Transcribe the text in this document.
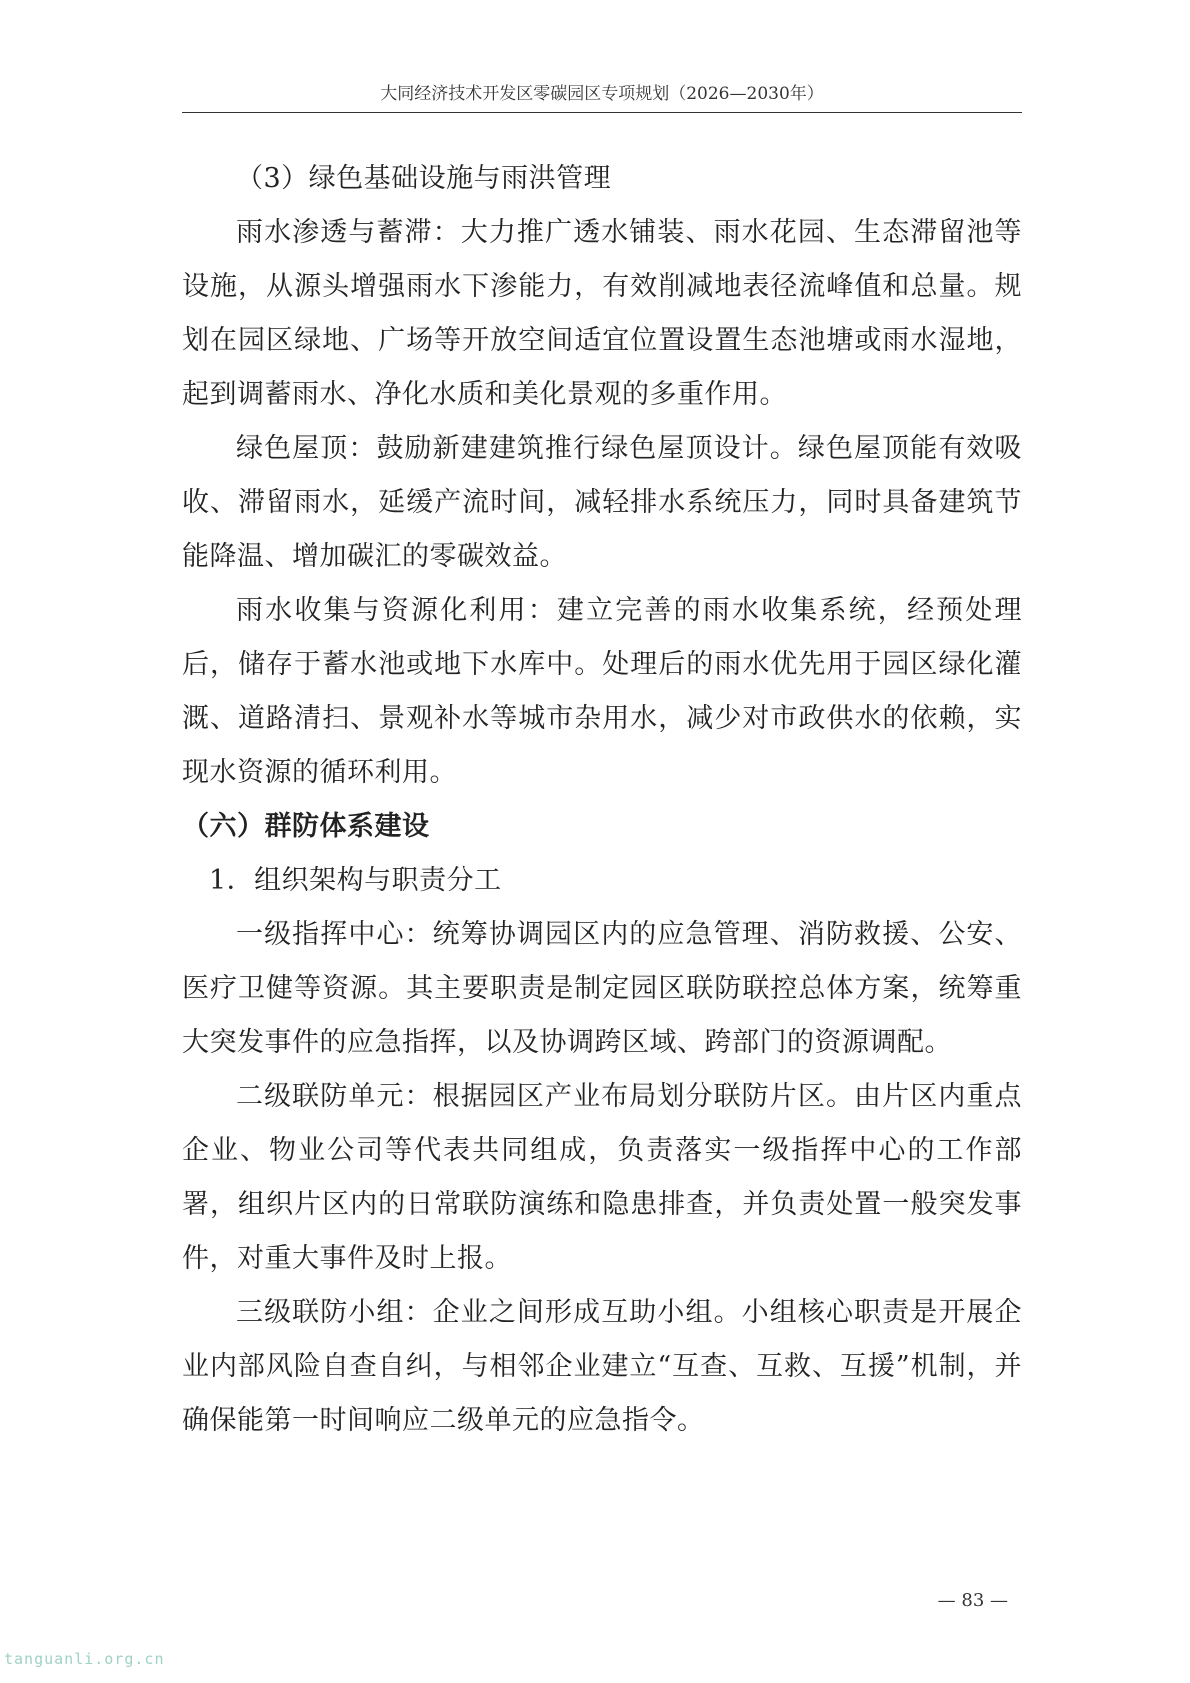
大同经济技术开发区零碳园区专项规划（2026—2030年）

（3）绿色基础设施与雨洪管理

雨水渗透与蓄滞：大力推广透水铺装、雨水花园、生态滞留池等设施，从源头增强雨水下渗能力，有效削减地表径流峰值和总量。规划在园区绿地、广场等开放空间适宜位置设置生态池塘或雨水湿地，起到调蓄雨水、净化水质和美化景观的多重作用。

绿色屋顶：鼓励新建建筑推行绿色屋顶设计。绿色屋顶能有效吸收、滞留雨水，延缓产流时间，减轻排水系统压力，同时具备建筑节能降温、增加碳汇的零碳效益。

雨水收集与资源化利用：建立完善的雨水收集系统，经预处理后，储存于蓄水池或地下水库中。处理后的雨水优先用于园区绿化灌溉、道路清扫、景观补水等城市杂用水，减少对市政供水的依赖，实现水资源的循环利用。

（六）群防体系建设

1．组织架构与职责分工

一级指挥中心：统筹协调园区内的应急管理、消防救援、公安、医疗卫健等资源。其主要职责是制定园区联防联控总体方案，统筹重大突发事件的应急指挥，以及协调跨区域、跨部门的资源调配。

二级联防单元：根据园区产业布局划分联防片区。由片区内重点企业、物业公司等代表共同组成，负责落实一级指挥中心的工作部署，组织片区内的日常联防演练和隐患排查，并负责处置一般突发事件，对重大事件及时上报。

三级联防小组：企业之间形成互助小组。小组核心职责是开展企业内部风险自查自纠，与相邻企业建立“互查、互救、互援”机制，并确保能第一时间响应二级单元的应急指令。

— 83 —
tanguanli.org.cn
